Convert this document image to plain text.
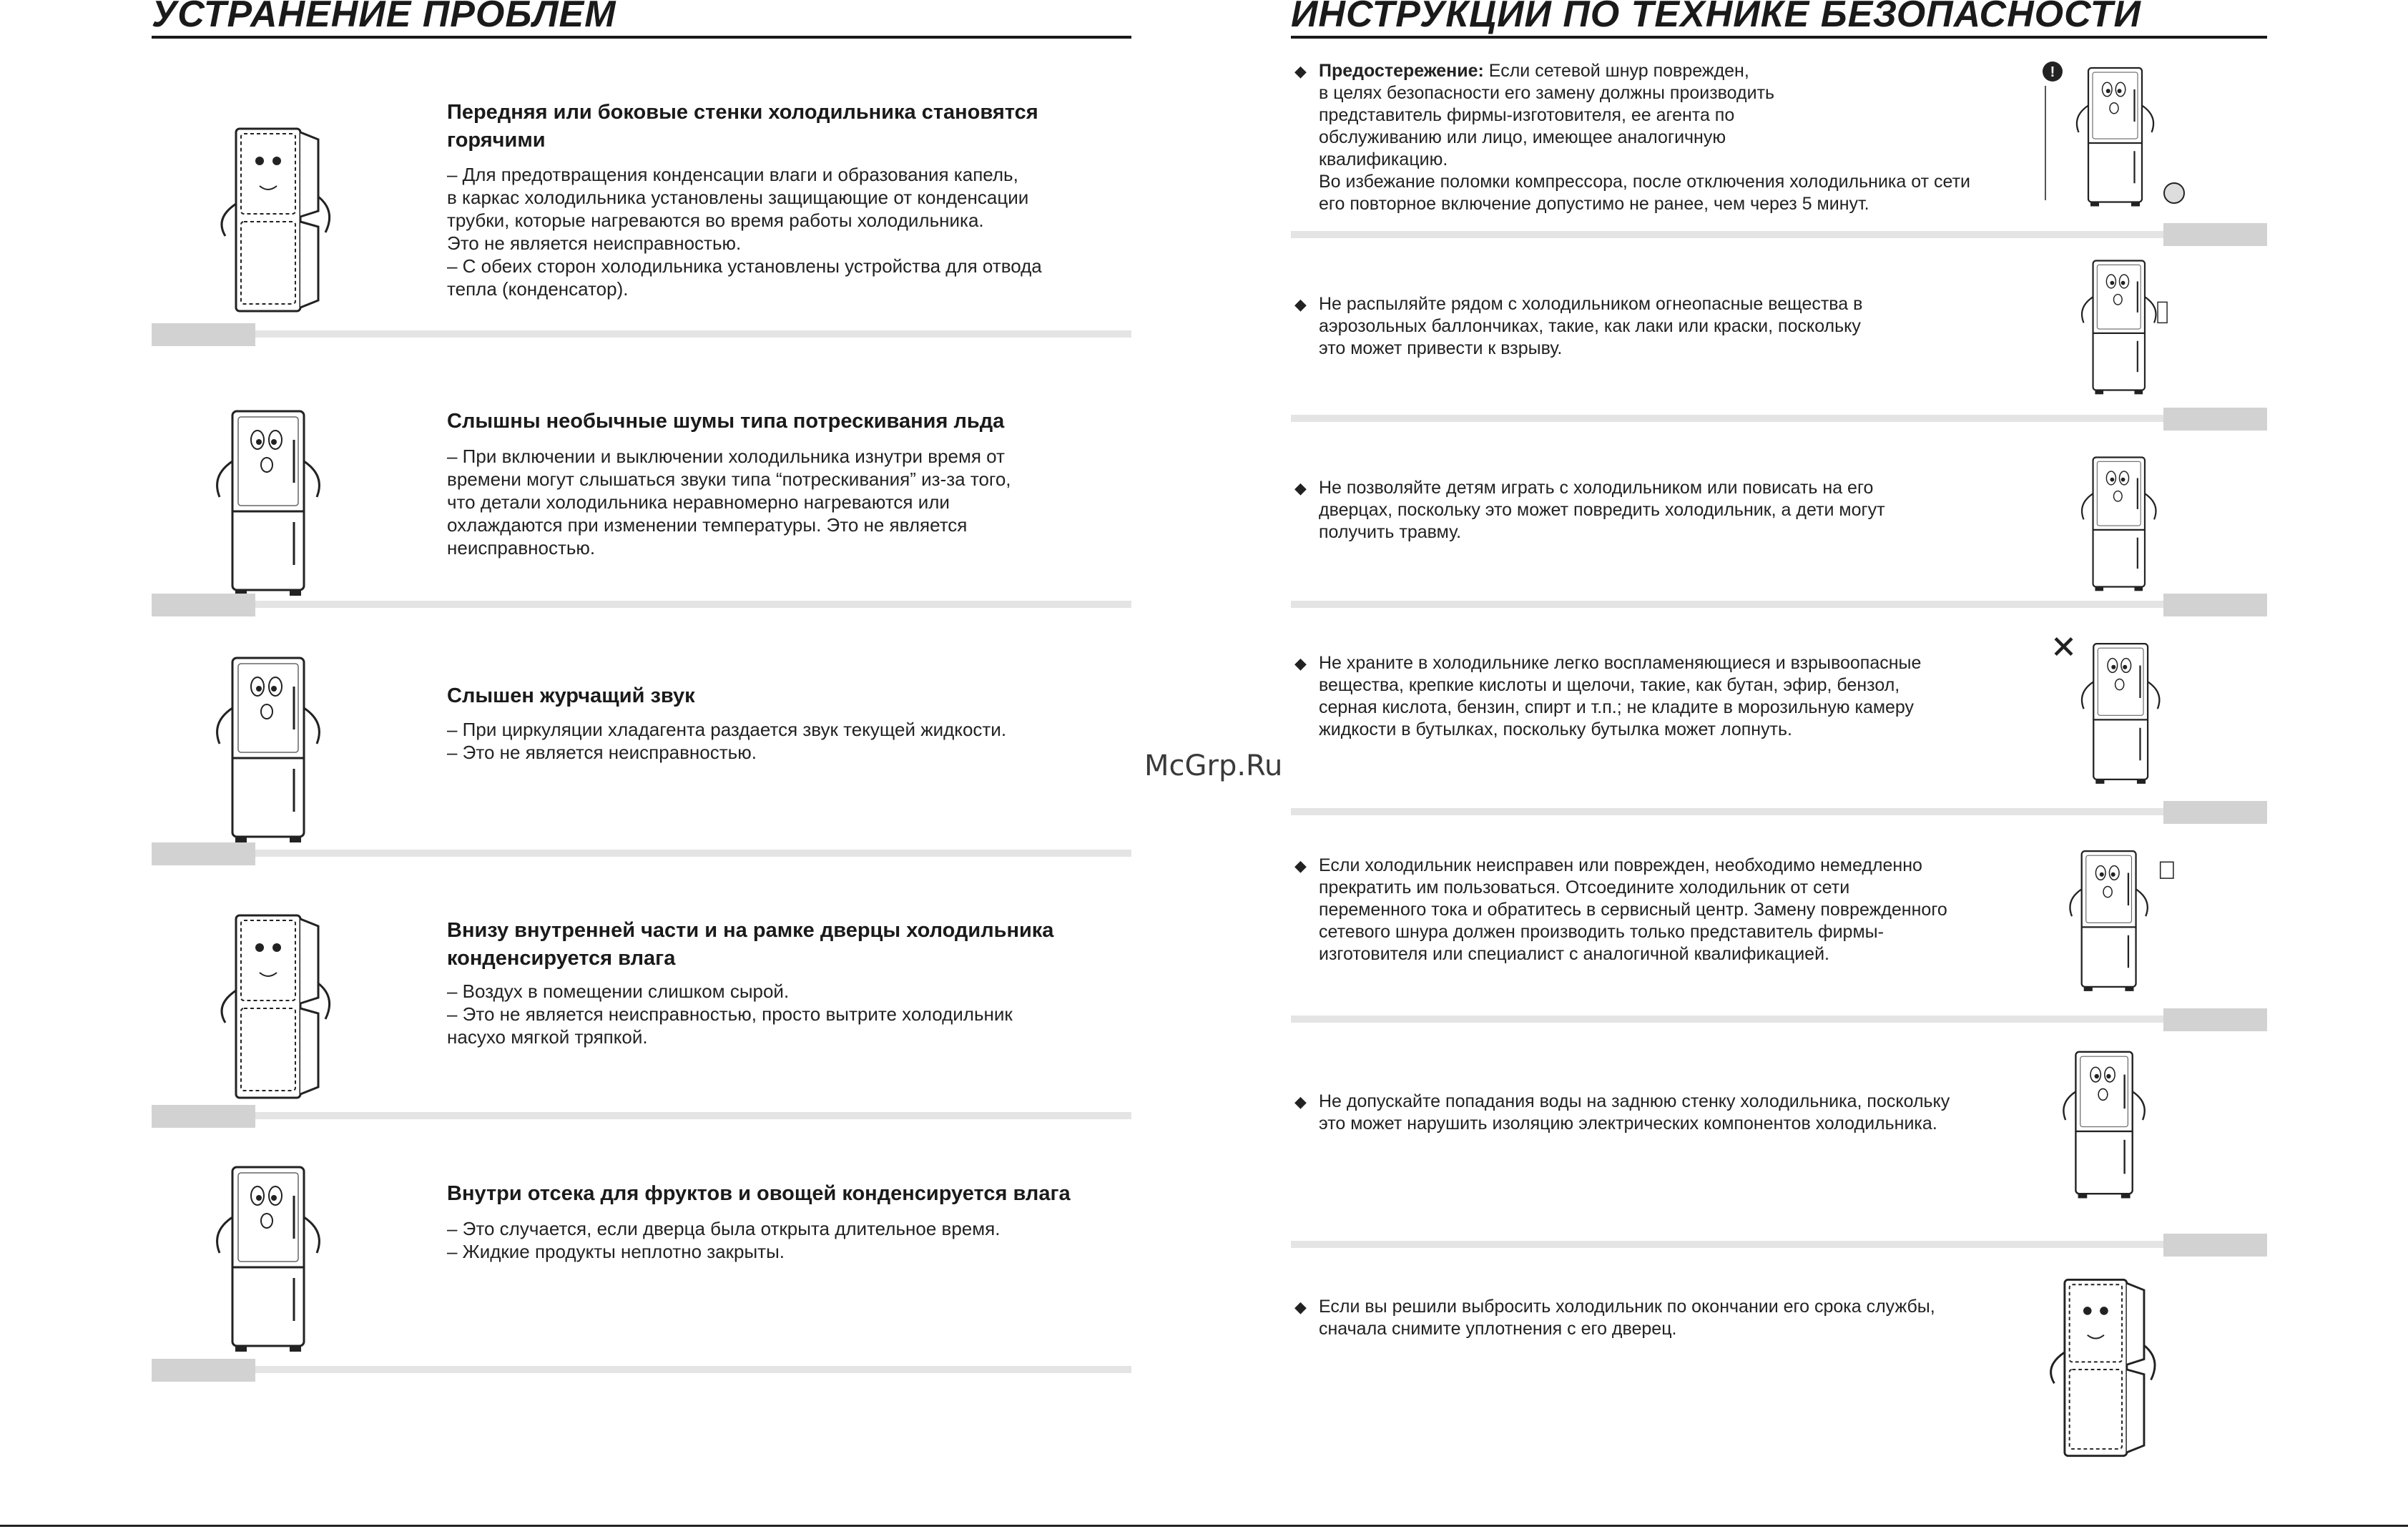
УСТРАНЕНИЕ ПРОБЛЕМ
Передняя или боковые стенки холодильника становятся
горячими
– Для предотвращения конденсации влаги и образования капель,
в каркас холодильника установлены защищающие от конденсации
трубки, которые нагреваются во время работы холодильника.
Это не является неисправностью.
– С обеих сторон холодильника установлены устройства для отвода
тепла (конденсатор).
Слышны необычные шумы типа потрескивания льда
– При включении и выключении холодильника изнутри время от
времени могут слышаться звуки типа “потрескивания” из-за того,
что детали холодильника неравномерно нагреваются или
охлаждаются при изменении температуры. Это не является
неисправностью.
Слышен журчащий звук
– При циркуляции хладагента раздается звук текущей жидкости.
– Это не является неисправностью.
Внизу внутренней части и на рамке дверцы холодильника
конденсируется влага
– Воздух в помещении слишком сырой.
– Это не является неисправностью, просто вытрите холодильник
насухо мягкой тряпкой.
Внутри отсека для фруктов и овощей конденсируется влага
– Это случается, если дверца была открыта длительное время.
– Жидкие продукты неплотно закрыты.
McGrp.Ru
ИНСТРУКЦИИ ПО ТЕХНИКЕ БЕЗОПАСНОСТИ
◆ Предостережение: Если сетевой шнур поврежден,
в целях безопасности его замену должны производить
представитель фирмы-изготовителя, ее агента по
обслуживанию или лицо, имеющее аналогичную
квалификацию.
Во избежание поломки компрессора, после отключения холодильника от сети
его повторное включение допустимо не ранее, чем через 5 минут.
!
◆ Не распыляйте рядом с холодильником огнеопасные вещества в
аэрозольных баллончиках, такие, как лаки или краски, поскольку
это может привести к взрыву.
◆ Не позволяйте детям играть с холодильником или повисать на его
дверцах, поскольку это может повредить холодильник, а дети могут
получить травму.
◆ Не храните в холодильнике легко воспламеняющиеся и взрывоопасные
вещества, крепкие кислоты и щелочи, такие, как бутан, эфир, бензол,
серная кислота, бензин, спирт и т.п.; не кладите в морозильную камеру
жидкости в бутылках, поскольку бутылка может лопнуть.
◆ Если холодильник неисправен или поврежден, необходимо немедленно
прекратить им пользоваться. Отсоедините холодильник от сети
переменного тока и обратитесь в сервисный центр. Замену поврежденного
сетевого шнура должен производить только представитель фирмы-
изготовителя или специалист с аналогичной квалификацией.
◆ Не допускайте попадания воды на заднюю стенку холодильника, поскольку
это может нарушить изоляцию электрических компонентов холодильника.
◆ Если вы решили выбросить холодильник по окончании его срока службы,
сначала снимите уплотнения с его дверец.
